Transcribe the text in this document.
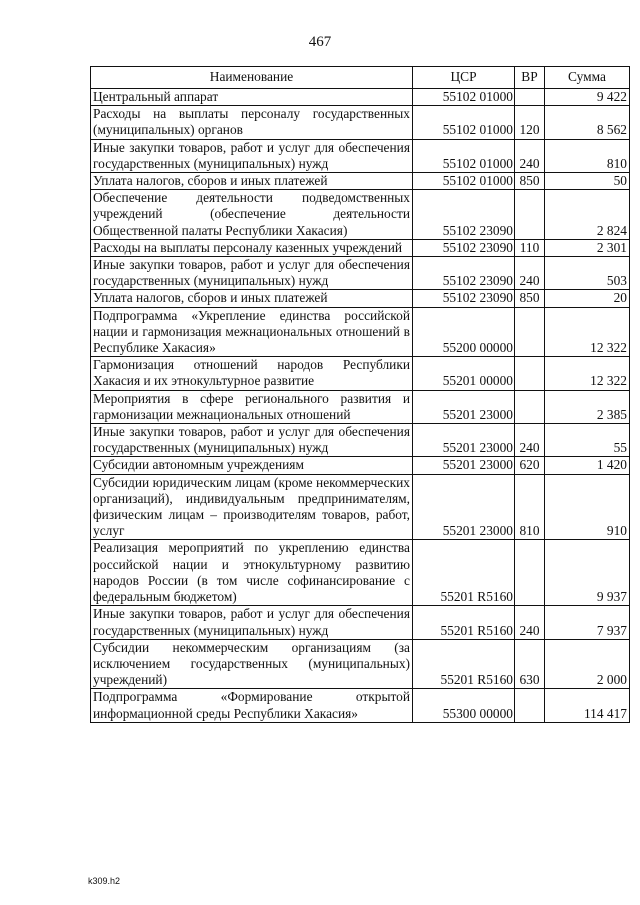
467
Наименование	ЦСР	ВР	Сумма
Центральный аппарат	55102 01000		9 422
Расходы на выплаты персоналу государственных (муниципальных) органов	55102 01000	120	8 562
Иные закупки товаров, работ и услуг для обеспечения государственных (муниципальных) нужд	55102 01000	240	810
Уплата налогов, сборов и иных платежей	55102 01000	850	50
Обеспечение деятельности подведомственных учреждений (обеспечение деятельности Общественной палаты Республики Хакасия)	55102 23090		2 824
Расходы на выплаты персоналу казенных учреждений	55102 23090	110	2 301
Иные закупки товаров, работ и услуг для обеспечения государственных (муниципальных) нужд	55102 23090	240	503
Уплата налогов, сборов и иных платежей	55102 23090	850	20
Подпрограмма «Укрепление единства российской нации и гармонизация межнациональных отношений в Республике Хакасия»	55200 00000		12 322
Гармонизация отношений народов Республики Хакасия и их этнокультурное развитие	55201 00000		12 322
Мероприятия в сфере регионального развития и гармонизации межнациональных отношений	55201 23000		2 385
Иные закупки товаров, работ и услуг для обеспечения государственных (муниципальных) нужд	55201 23000	240	55
Субсидии автономным учреждениям	55201 23000	620	1 420
Субсидии юридическим лицам (кроме некоммерческих организаций), индивидуальным предпринимателям, физическим лицам – производителям товаров, работ, услуг	55201 23000	810	910
Реализация мероприятий по укреплению единства российской нации и этнокультурному развитию народов России (в том числе софинансирование с федеральным бюджетом)	55201 R5160		9 937
Иные закупки товаров, работ и услуг для обеспечения государственных (муниципальных) нужд	55201 R5160	240	7 937
Субсидии некоммерческим организациям (за исключением государственных (муниципальных) учреждений)	55201 R5160	630	2 000
Подпрограмма «Формирование открытой информационной среды Республики Хакасия»	55300 00000		114 417
k309.h2
